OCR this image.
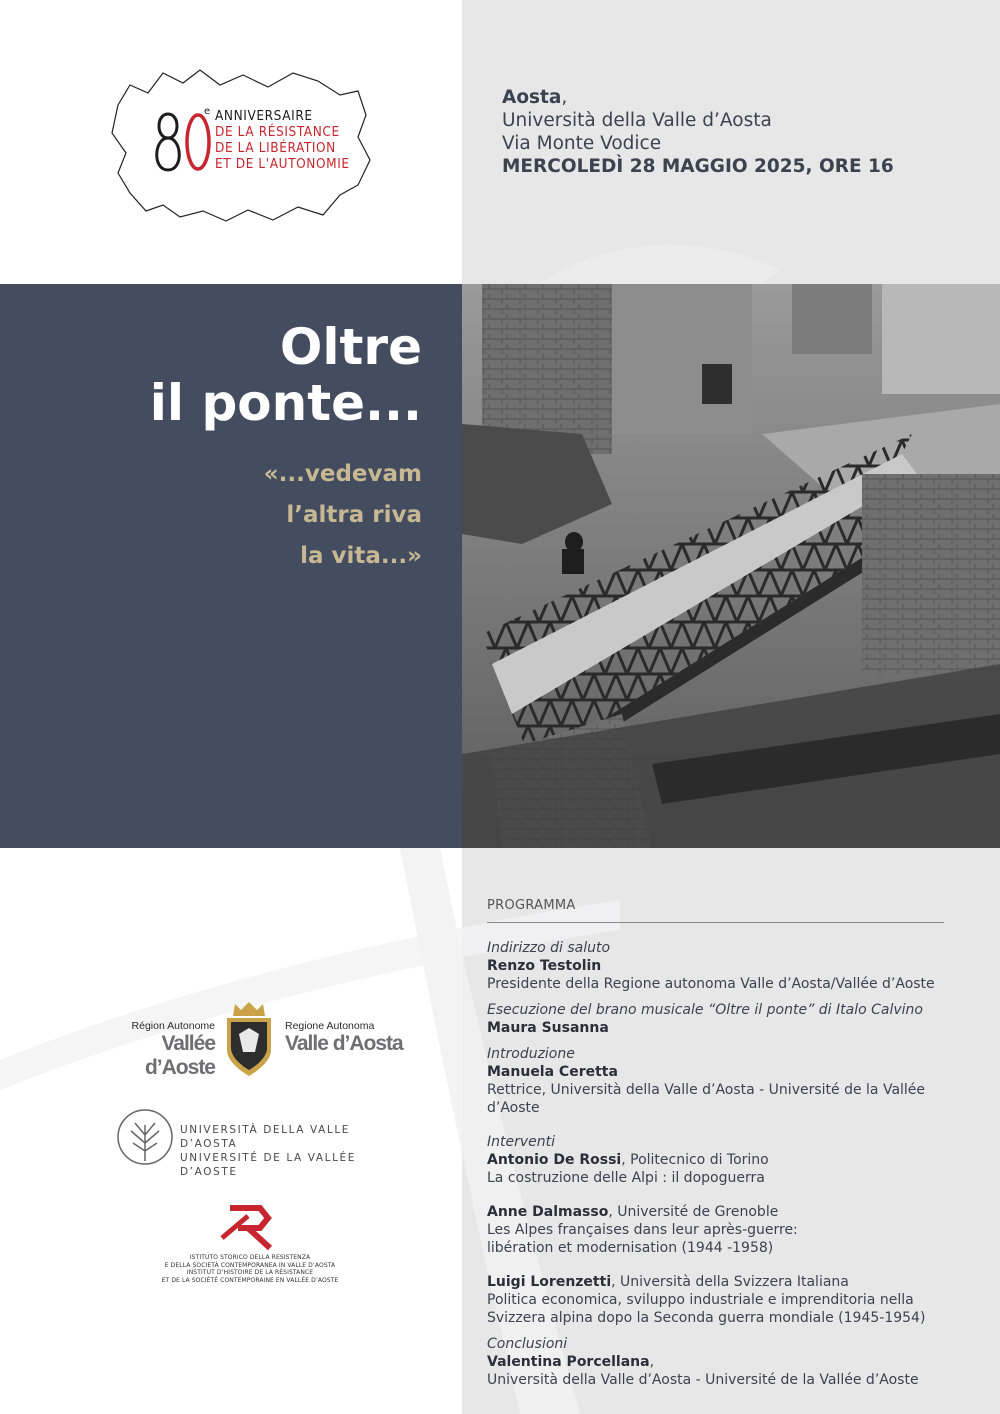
e ANNIVERSAIRE
DE LA RÉSISTANCE
DE LA LIBÉRATION
ET DE L'AUTONOMIE
Aosta,
Università della Valle d’Aosta
Via Monte Vodice
MERCOLEDÌ 28 MAGGIO 2025, ORE 16
Oltre
il ponte...
«...vedevam
l’altra riva
la vita...»
Région Autonome
Vallée d’Aoste
Regione Autonoma
Valle d’Aosta
UNIVERSITÀ DELLA VALLE D’AOSTA
UNIVERSITÉ DE LA VALLÉE D’AOSTE
ISTITUTO STORICO DELLA RESISTENZA
E DELLA SOCIETÀ CONTEMPORANEA IN VALLE D’AOSTA
INSTITUT D’HISTOIRE DE LA RÉSISTANCE
ET DE LA SOCIÉTÉ CONTEMPORAINE EN VALLÉE D’AOSTE
PROGRAMMA
Indirizzo di saluto
Renzo Testolin
Presidente della Regione autonoma Valle d’Aosta/Vallée d’Aoste
Esecuzione del brano musicale “Oltre il ponte” di Italo Calvino
Maura Susanna
Introduzione
Manuela Ceretta
Rettrice, Università della Valle d’Aosta - Université de la Vallée d’Aoste
Interventi
Antonio De Rossi, Politecnico di Torino
La costruzione delle Alpi : il dopoguerra
Anne Dalmasso, Université de Grenoble
Les Alpes françaises dans leur après-guerre:
libération et modernisation (1944 -1958)
Luigi Lorenzetti, Università della Svizzera Italiana
Politica economica, sviluppo industriale e imprenditoria nella
Svizzera alpina dopo la Seconda guerra mondiale (1945-1954)
Conclusioni
Valentina Porcellana,
Università della Valle d’Aosta - Université de la Vallée d’Aoste
